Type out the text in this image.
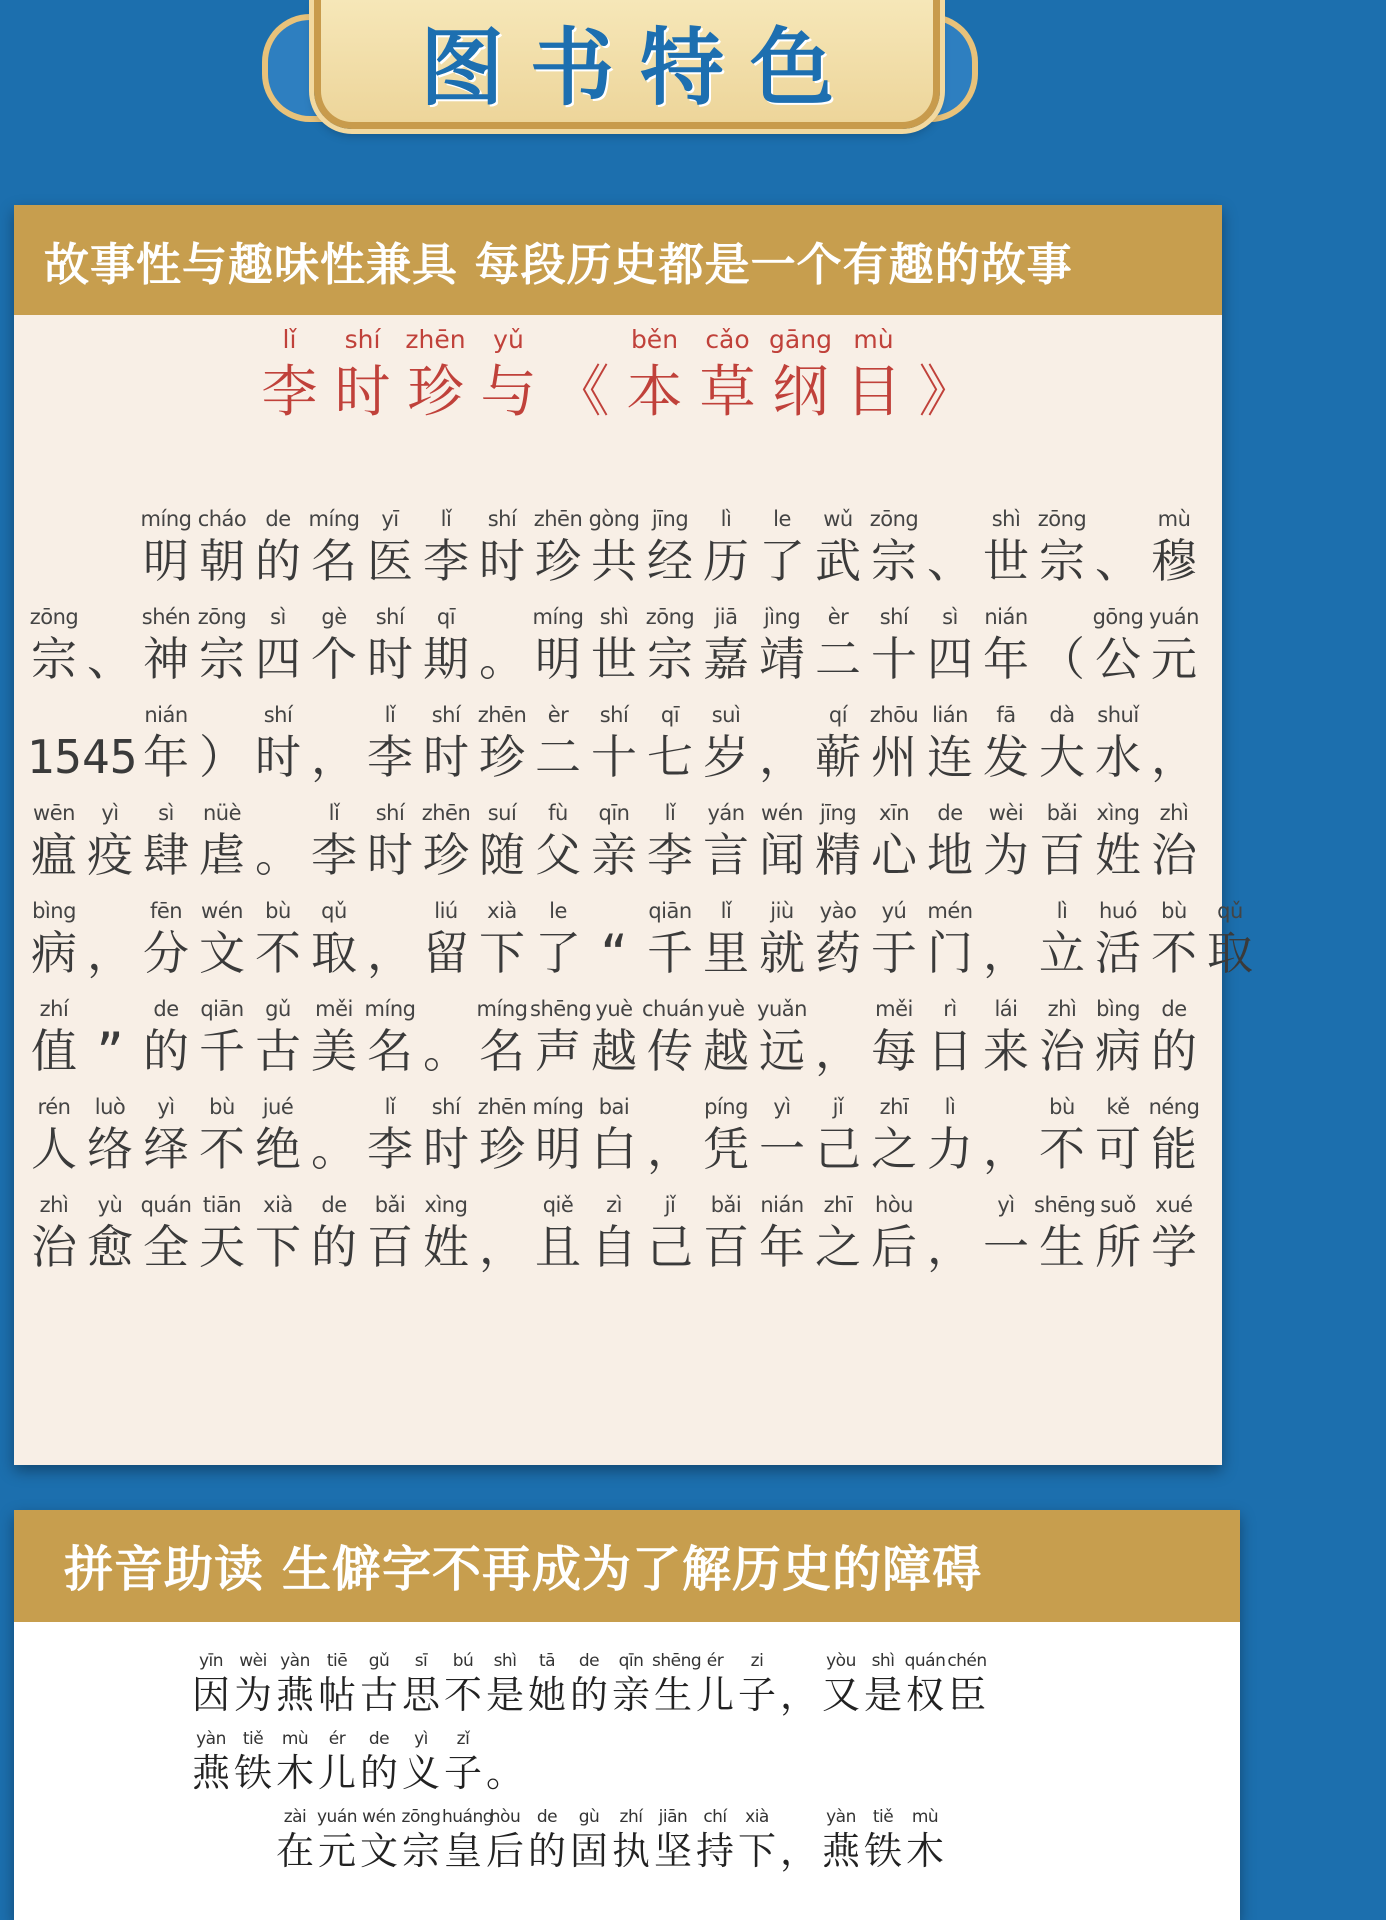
图书特色
故事性与趣味性兼具 每段历史都是一个有趣的故事
lǐ
李
shí
时
zhēn
珍
yǔ
与 《
běn
本
cǎo
草
gāng
纲
mù
目 》

míng
明
cháo
朝
de
的
míng
名
yī
医
lǐ
李
shí
时
zhēn
珍
gòng
共
jīng
经
lì
历
le
了
wǔ
武
zōng
宗 、
shì
世
zōng
宗 、
mù
穆
zōng
宗 、
shén
神
zōng
宗
sì
四
gè
个
shí
时
qī
期 。
míng
明
shì
世
zōng
宗
jiā
嘉
jìng
靖
èr
二
shí
十
sì
四
nián
年 （
gōng
公
yuán
元
1545
nián
年 ）
shí
时 ，
lǐ
李
shí
时
zhēn
珍
èr
二
shí
十
qī
七
suì
岁 ，
qí
蕲
zhōu
州
lián
连
fā
发
dà
大
shuǐ
水 ，
wēn
瘟
yì
疫
sì
肆
nüè
虐 。
lǐ
李
shí
时
zhēn
珍
suí
随
fù
父
qīn
亲
lǐ
李
yán
言
wén
闻
jīng
精
xīn
心
de
地
wèi
为
bǎi
百
xìng
姓
zhì
治
bìng
病 ，
fēn
分
wén
文
bù
不
qǔ
取 ，
liú
留
xià
下
le
了 “
qiān
千
lǐ
里
jiù
就
yào
药
yú
于
mén
门 ，
lì
立
huó
活
bù
不
qǔ
取
zhí
值 ”
de
的
qiān
千
gǔ
古
měi
美
míng
名 。
míng
名
shēng
声
yuè
越
chuán
传
yuè
越
yuǎn
远 ，
měi
每
rì
日
lái
来
zhì
治
bìng
病
de
的
rén
人
luò
络
yì
绎
bù
不
jué
绝 。
lǐ
李
shí
时
zhēn
珍
míng
明
bai
白 ，
píng
凭
yì
一
jǐ
己
zhī
之
lì
力 ，
bù
不
kě
可
néng
能
zhì
治
yù
愈
quán
全
tiān
天
xià
下
de
的
bǎi
百
xìng
姓 ，
qiě
且
zì
自
jǐ
己
bǎi
百
nián
年
zhī
之
hòu
后 ，
yì
一
shēng
生
suǒ
所
xué
学
拼音助读 生僻字不再成为了解历史的障碍
yīn
因
wèi
为
yàn
燕
tiē
帖
gǔ
古
sī
思
bú
不
shì
是
tā
她
de
的
qīn
亲
shēng
生
ér
儿
zi
子 ，
yòu
又
shì
是
quán
权
chén
臣
yàn
燕
tiě
铁
mù
木
ér
儿
de
的
yì
义
zǐ
子 。

zài
在
yuán
元
wén
文
zōng
宗
huáng
皇
hòu
后
de
的
gù
固
zhí
执
jiān
坚
chí
持
xià
下 ，
yàn
燕
tiě
铁
mù
木
